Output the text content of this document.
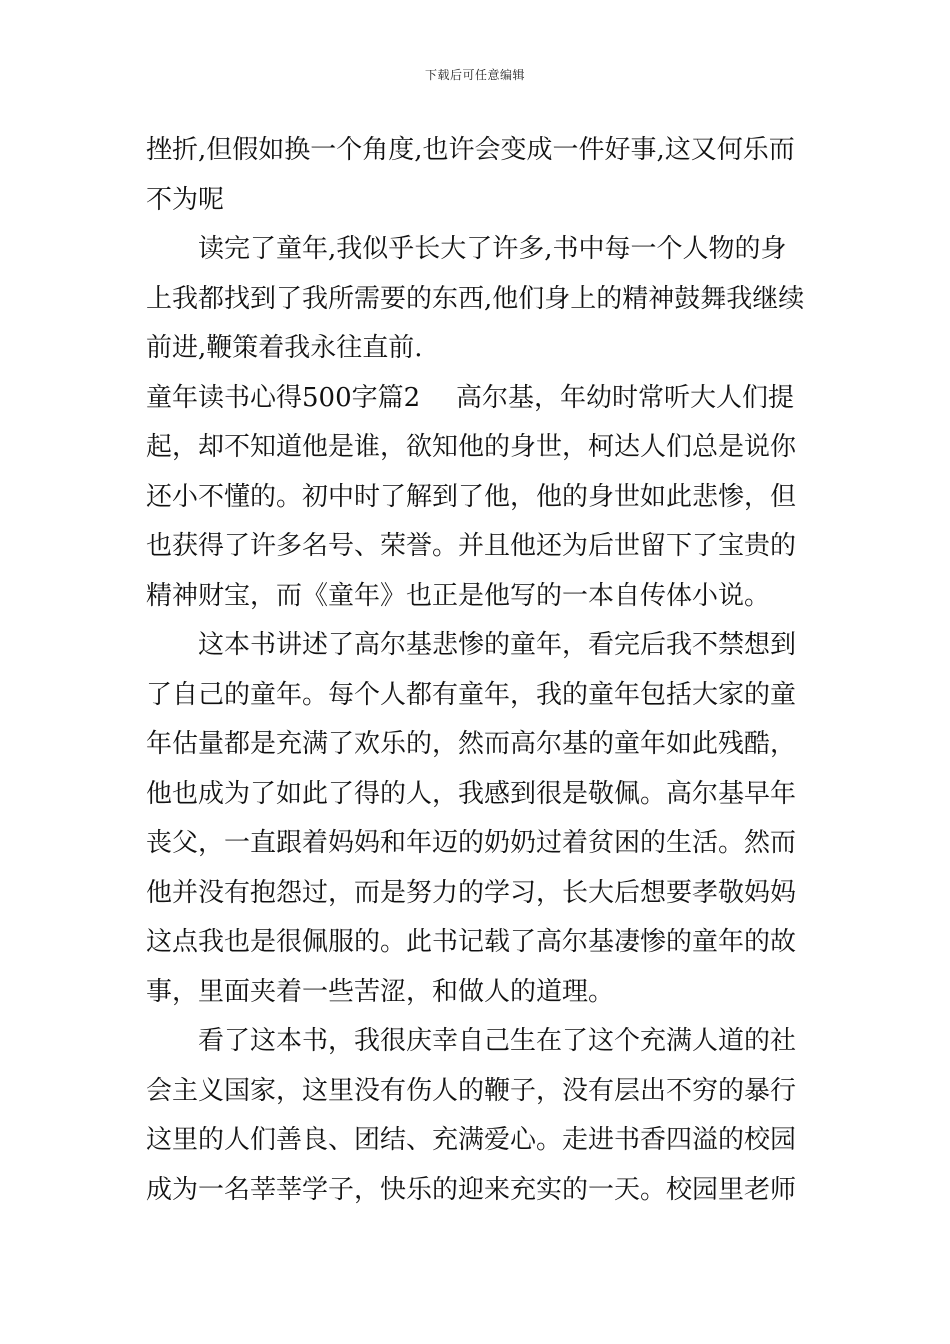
下载后可任意编辑
挫折,但假如换一个角度,也许会变成一件好事,这又何乐而
不为呢
读完了童年,我似乎长大了许多,书中每一个人物的身
上我都找到了我所需要的东西,他们身上的精神鼓舞我继续
前进,鞭策着我永往直前.
童年读书心得500字篇2 高尔基，年幼时常听大人们提
起，却不知道他是谁，欲知他的身世，柯达人们总是说你
还小不懂的。初中时了解到了他，他的身世如此悲惨，但
也获得了许多名号、荣誉。并且他还为后世留下了宝贵的
精神财宝，而《童年》也正是他写的一本自传体小说。
这本书讲述了高尔基悲惨的童年，看完后我不禁想到
了自己的童年。每个人都有童年，我的童年包括大家的童
年估量都是充满了欢乐的，然而高尔基的童年如此残酷，
他也成为了如此了得的人，我感到很是敬佩。高尔基早年
丧父，一直跟着妈妈和年迈的奶奶过着贫困的生活。然而
他并没有抱怨过，而是努力的学习，长大后想要孝敬妈妈
这点我也是很佩服的。此书记载了高尔基凄惨的童年的故
事，里面夹着一些苦涩，和做人的道理。
看了这本书，我很庆幸自己生在了这个充满人道的社
会主义国家，这里没有伤人的鞭子，没有层出不穷的暴行
这里的人们善良、团结、充满爱心。走进书香四溢的校园
成为一名莘莘学子，快乐的迎来充实的一天。校园里老师
